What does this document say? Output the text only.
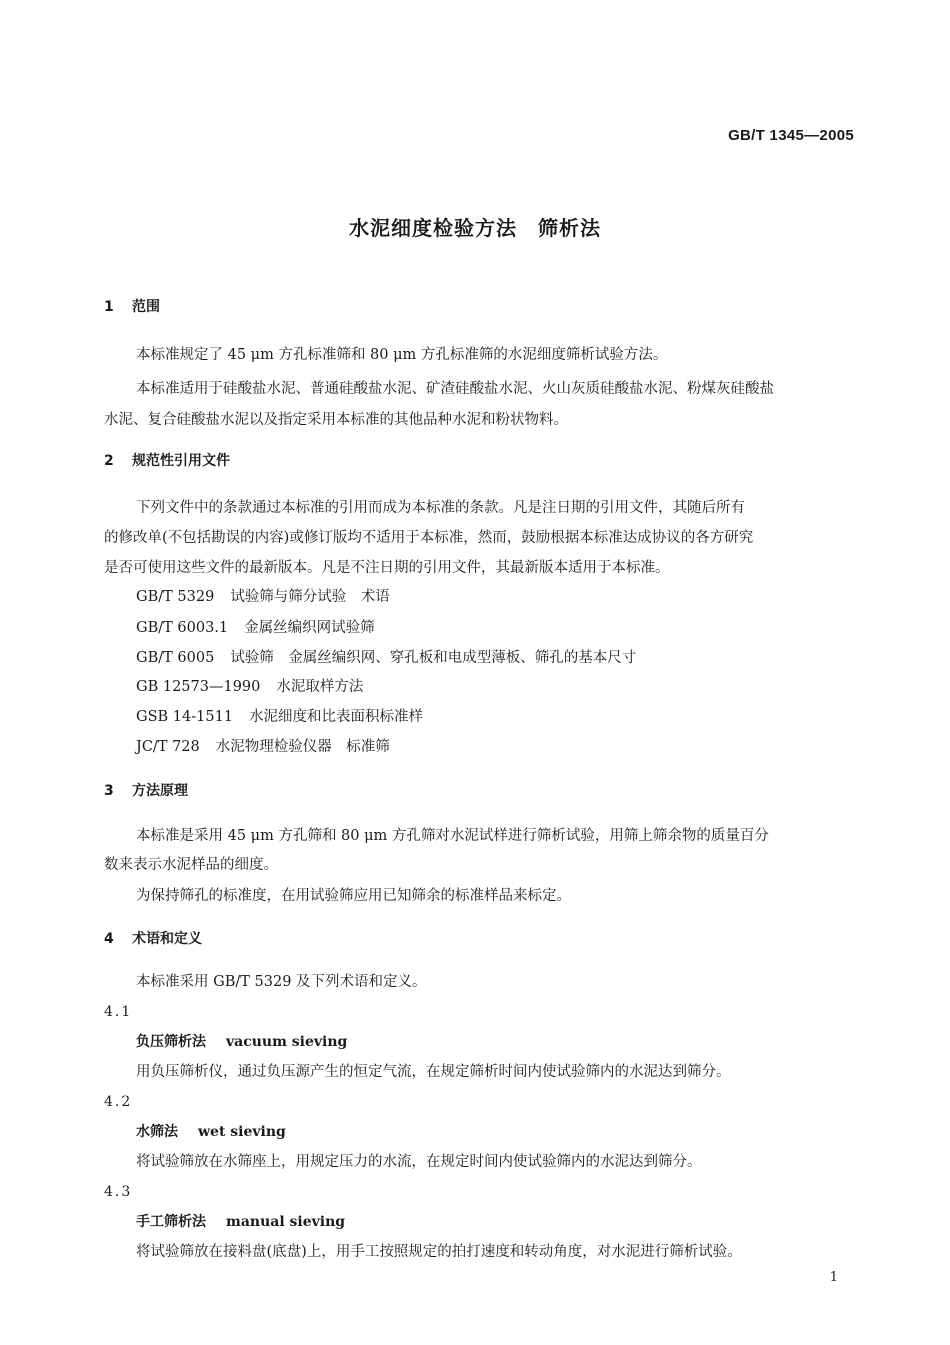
GB/T 1345—2005
水泥细度检验方法　筛析法
1 范围
本标准规定了 45 μm 方孔标准筛和 80 μm 方孔标准筛的水泥细度筛析试验方法。
本标准适用于硅酸盐水泥、普通硅酸盐水泥、矿渣硅酸盐水泥、火山灰质硅酸盐水泥、粉煤灰硅酸盐
水泥、复合硅酸盐水泥以及指定采用本标准的其他品种水泥和粉状物料。
2 规范性引用文件
下列文件中的条款通过本标准的引用而成为本标准的条款。凡是注日期的引用文件，其随后所有
的修改单(不包括勘误的内容)或修订版均不适用于本标准，然而，鼓励根据本标准达成协议的各方研究
是否可使用这些文件的最新版本。凡是不注日期的引用文件，其最新版本适用于本标准。
GB/T 5329 试验筛与筛分试验　术语
GB/T 6003.1 金属丝编织网试验筛
GB/T 6005 试验筛　金属丝编织网、穿孔板和电成型薄板、筛孔的基本尺寸
GB 12573—1990 水泥取样方法
GSB 14-1511 水泥细度和比表面积标准样
JC/T 728 水泥物理检验仪器　标准筛
3 方法原理
本标准是采用 45 μm 方孔筛和 80 μm 方孔筛对水泥试样进行筛析试验，用筛上筛余物的质量百分
数来表示水泥样品的细度。
为保持筛孔的标准度，在用试验筛应用已知筛余的标准样品来标定。
4 术语和定义
本标准采用 GB/T 5329 及下列术语和定义。
4.1
负压筛析法 vacuum sieving
用负压筛析仪，通过负压源产生的恒定气流，在规定筛析时间内使试验筛内的水泥达到筛分。
4.2
水筛法 wet sieving
将试验筛放在水筛座上，用规定压力的水流，在规定时间内使试验筛内的水泥达到筛分。
4.3
手工筛析法 manual sieving
将试验筛放在接料盘(底盘)上，用手工按照规定的拍打速度和转动角度，对水泥进行筛析试验。
1
